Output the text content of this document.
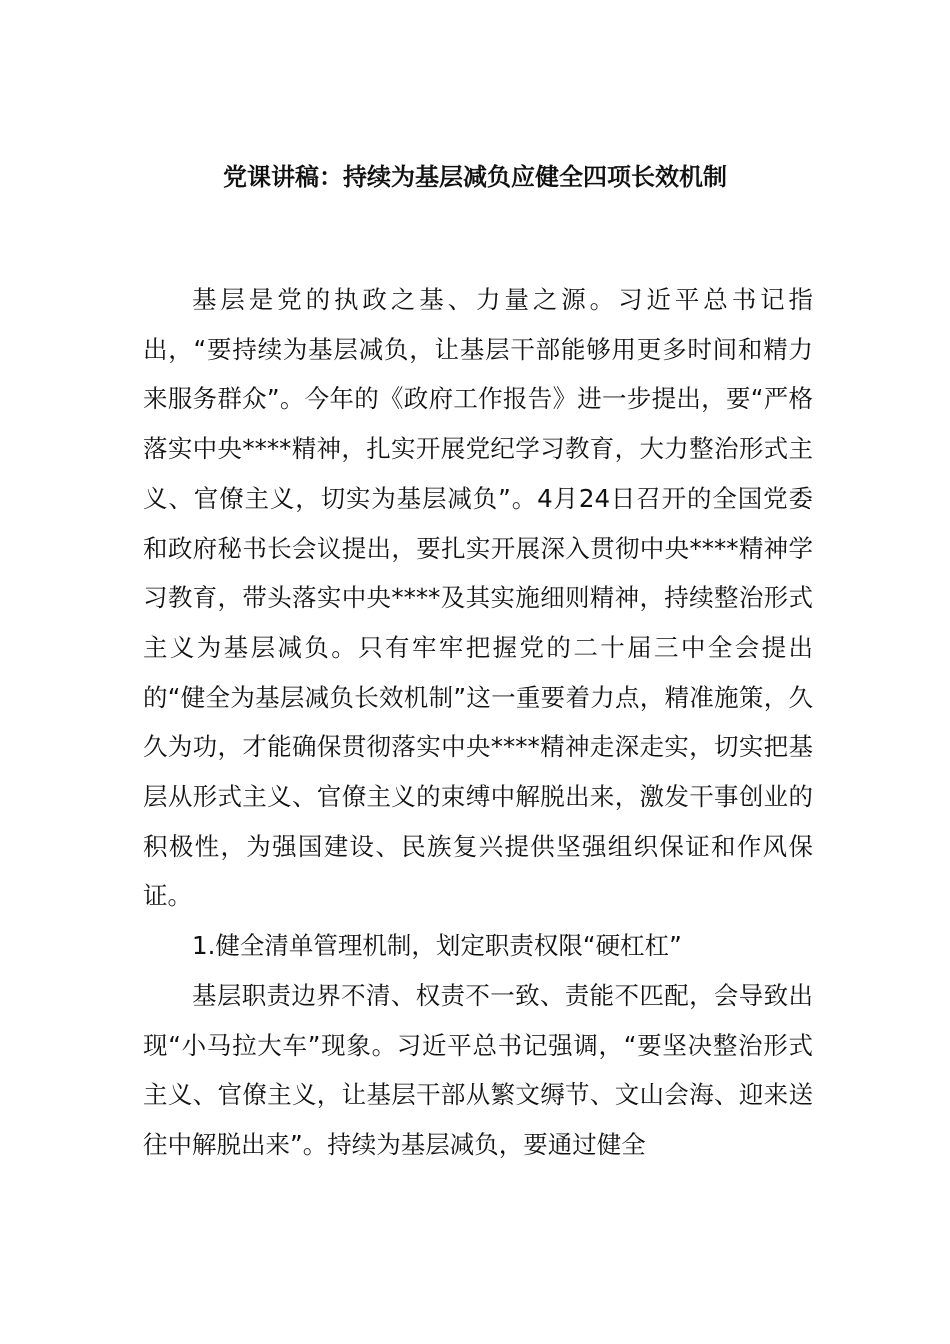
党课讲稿：持续为基层减负应健全四项长效机制

基层是党的执政之基、力量之源。习近平总书记指出，“要持续为基层减负，让基层干部能够用更多时间和精力来服务群众”。今年的《政府工作报告》进一步提出，要“严格落实中央****精神，扎实开展党纪学习教育，大力整治形式主义、官僚主义，切实为基层减负”。4月24日召开的全国党委和政府秘书长会议提出，要扎实开展深入贯彻中央****精神学习教育，带头落实中央****及其实施细则精神，持续整治形式主义为基层减负。只有牢牢把握党的二十届三中全会提出的“健全为基层减负长效机制”这一重要着力点，精准施策，久久为功，才能确保贯彻落实中央****精神走深走实，切实把基层从形式主义、官僚主义的束缚中解脱出来，激发干事创业的积极性，为强国建设、民族复兴提供坚强组织保证和作风保证。

1.健全清单管理机制，划定职责权限“硬杠杠”

基层职责边界不清、权责不一致、责能不匹配，会导致出现“小马拉大车”现象。习近平总书记强调，“要坚决整治形式主义、官僚主义，让基层干部从繁文缛节、文山会海、迎来送往中解脱出来”。持续为基层减负，要通过健全
